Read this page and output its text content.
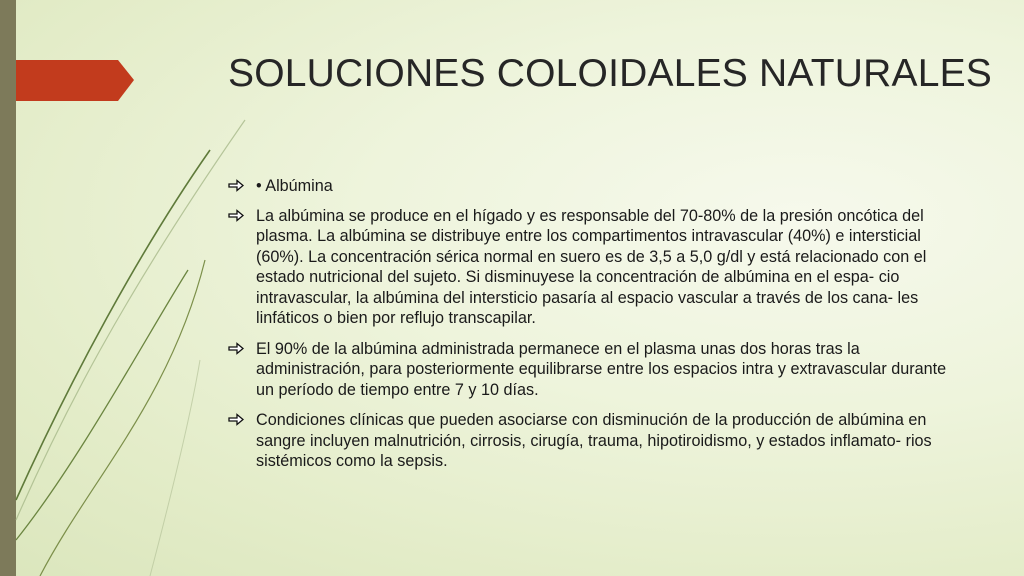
SOLUCIONES COLOIDALES NATURALES
• Albúmina
La albúmina se produce en el hígado y es responsable del 70-80% de la presión oncótica del plasma. La albúmina se distribuye entre los compartimentos intravascular (40%) e intersticial (60%). La concentración sérica normal en suero es de 3,5 a 5,0 g/dl y está relacionado con el estado nutricional del sujeto. Si disminuyese la concentración de albúmina en el espa- cio intravascular, la albúmina del intersticio pasaría al espacio vascular a través de los cana- les linfáticos o bien por reflujo transcapilar.
El 90% de la albúmina administrada permanece en el plasma unas dos horas tras la administración, para posteriormente equilibrarse entre los espacios intra y extravascular durante un período de tiempo entre 7 y 10 días.
Condiciones clínicas que pueden asociarse con disminución de la producción de albúmina en sangre incluyen malnutrición, cirrosis, cirugía, trauma, hipotiroidismo, y estados inflamato- rios sistémicos como la sepsis.
